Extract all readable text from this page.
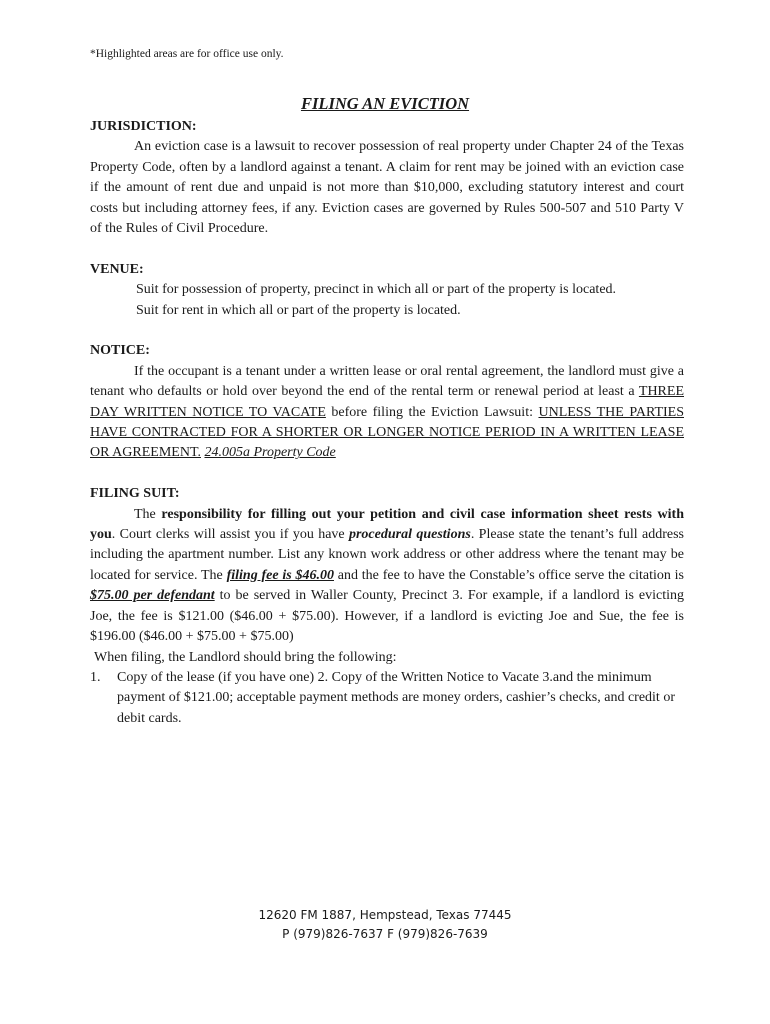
*Highlighted areas are for office use only.
FILING AN EVICTION

JURISDICTION:

An eviction case is a lawsuit to recover possession of real property under Chapter 24 of the Texas Property Code, often by a landlord against a tenant. A claim for rent may be joined with an eviction case if the amount of rent due and unpaid is not more than $10,000, excluding statutory interest and court costs but including attorney fees, if any. Eviction cases are governed by Rules 500-507 and 510 Party V of the Rules of Civil Procedure.

VENUE:

Suit for possession of property, precinct in which all or part of the property is located.
Suit for rent in which all or part of the property is located.

NOTICE:

If the occupant is a tenant under a written lease or oral rental agreement, the landlord must give a tenant who defaults or hold over beyond the end of the rental term or renewal period at least a THREE DAY WRITTEN NOTICE TO VACATE before filing the Eviction Lawsuit: UNLESS THE PARTIES HAVE CONTRACTED FOR A SHORTER OR LONGER NOTICE PERIOD IN A WRITTEN LEASE OR AGREEMENT. 24.005a Property Code

FILING SUIT:

The responsibility for filling out your petition and civil case information sheet rests with you. Court clerks will assist you if you have procedural questions. Please state the tenant’s full address including the apartment number. List any known work address or other address where the tenant may be located for service. The filing fee is $46.00 and the fee to have the Constable’s office serve the citation is $75.00 per defendant to be served in Waller County, Precinct 3. For example, if a landlord is evicting Joe, the fee is $121.00 ($46.00 + $75.00). However, if a landlord is evicting Joe and Sue, the fee is $196.00 ($46.00 + $75.00 + $75.00)

When filing, the Landlord should bring the following:

1. Copy of the lease (if you have one) 2. Copy of the Written Notice to Vacate 3.and the minimum payment of $121.00; acceptable payment methods are money orders, cashier’s checks, and credit or debit cards.
12620 FM 1887, Hempstead, Texas 77445
P (979)826-7637 F (979)826-7639
